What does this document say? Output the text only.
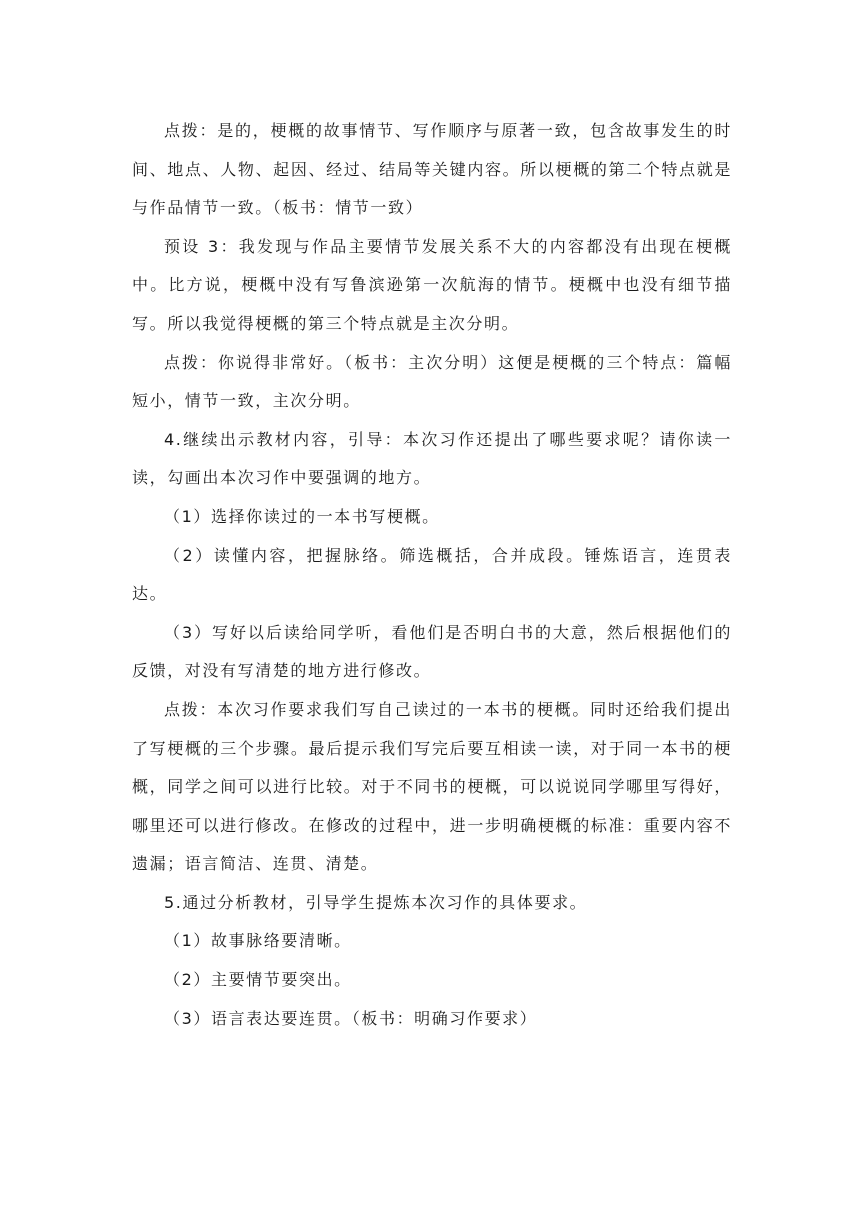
点拨：是的，梗概的故事情节、写作顺序与原著一致，包含故事发生的时间、地点、人物、起因、经过、结局等关键内容。所以梗概的第二个特点就是与作品情节一致。（板书：情节一致）

预设 3：我发现与作品主要情节发展关系不大的内容都没有出现在梗概中。比方说，梗概中没有写鲁滨逊第一次航海的情节。梗概中也没有细节描写。所以我觉得梗概的第三个特点就是主次分明。

点拨：你说得非常好。（板书：主次分明）这便是梗概的三个特点：篇幅短小，情节一致，主次分明。

4.继续出示教材内容，引导：本次习作还提出了哪些要求呢？请你读一读，勾画出本次习作中要强调的地方。

（1）选择你读过的一本书写梗概。

（2）读懂内容，把握脉络。筛选概括，合并成段。锤炼语言，连贯表达。

（3）写好以后读给同学听，看他们是否明白书的大意，然后根据他们的反馈，对没有写清楚的地方进行修改。

点拨：本次习作要求我们写自己读过的一本书的梗概。同时还给我们提出了写梗概的三个步骤。最后提示我们写完后要互相读一读，对于同一本书的梗概，同学之间可以进行比较。对于不同书的梗概，可以说说同学哪里写得好，哪里还可以进行修改。在修改的过程中，进一步明确梗概的标准：重要内容不遗漏；语言简洁、连贯、清楚。

5.通过分析教材，引导学生提炼本次习作的具体要求。

（1）故事脉络要清晰。

（2）主要情节要突出。

（3）语言表达要连贯。（板书：明确习作要求）
